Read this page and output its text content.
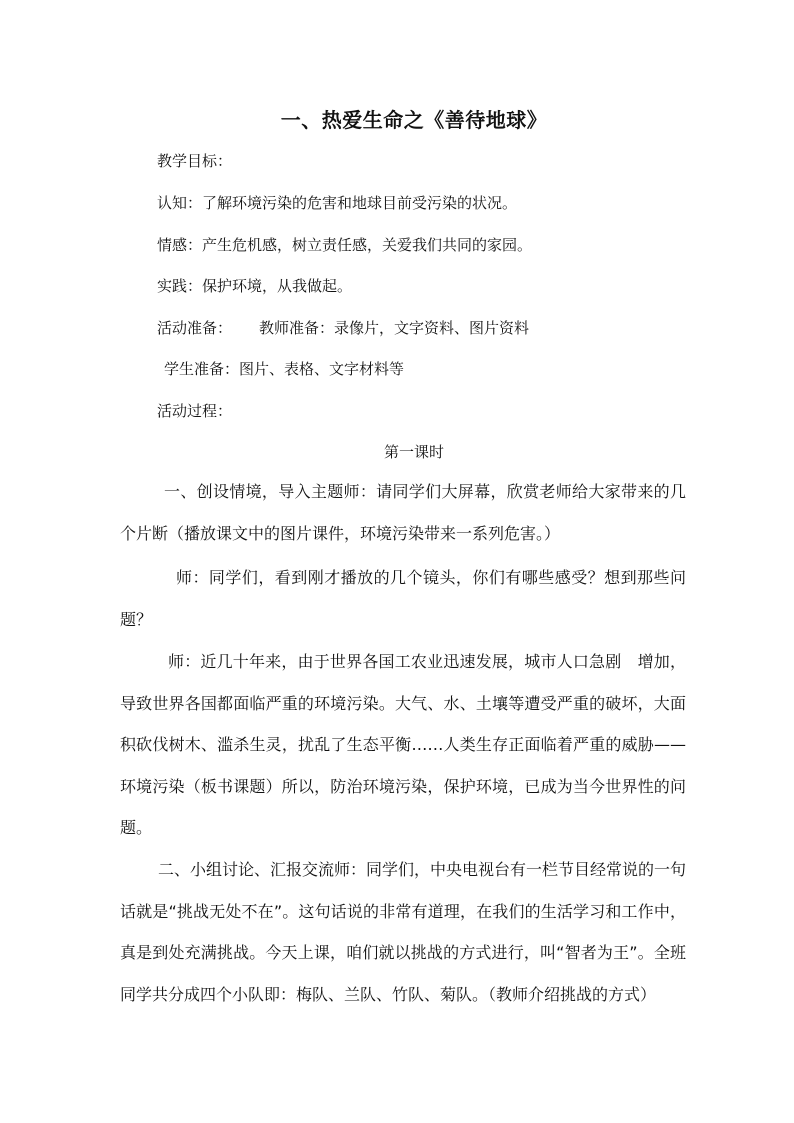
一、热爱生命之《善待地球》
教学目标：
认知：了解环境污染的危害和地球目前受污染的状况。
情感：产生危机感，树立责任感，关爱我们共同的家园。
实践：保护环境，从我做起。
活动准备： 教师准备：录像片，文字资料、图片资料
学生准备：图片、表格、文字材料等
活动过程：
第一课时
一、创设情境，导入主题师：请同学们大屏幕，欣赏老师给大家带来的几个片断（播放课文中的图片课件，环境污染带来一系列危害。）
师：同学们，看到刚才播放的几个镜头，你们有哪些感受？想到那些问题？
师：近几十年来，由于世界各国工农业迅速发展，城市人口急剧　增加，导致世界各国都面临严重的环境污染。大气、水、土壤等遭受严重的破坏，大面积砍伐树木、滥杀生灵，扰乱了生态平衡……人类生存正面临着严重的威胁——环境污染（板书课题）所以，防治环境污染，保护环境，已成为当今世界性的问题。
二、小组讨论、汇报交流师：同学们，中央电视台有一栏节目经常说的一句话就是“挑战无处不在”。这句话说的非常有道理，在我们的生活学习和工作中，真是到处充满挑战。今天上课，咱们就以挑战的方式进行，叫“智者为王”。全班同学共分成四个小队即：梅队、兰队、竹队、菊队。（教师介绍挑战的方式）
